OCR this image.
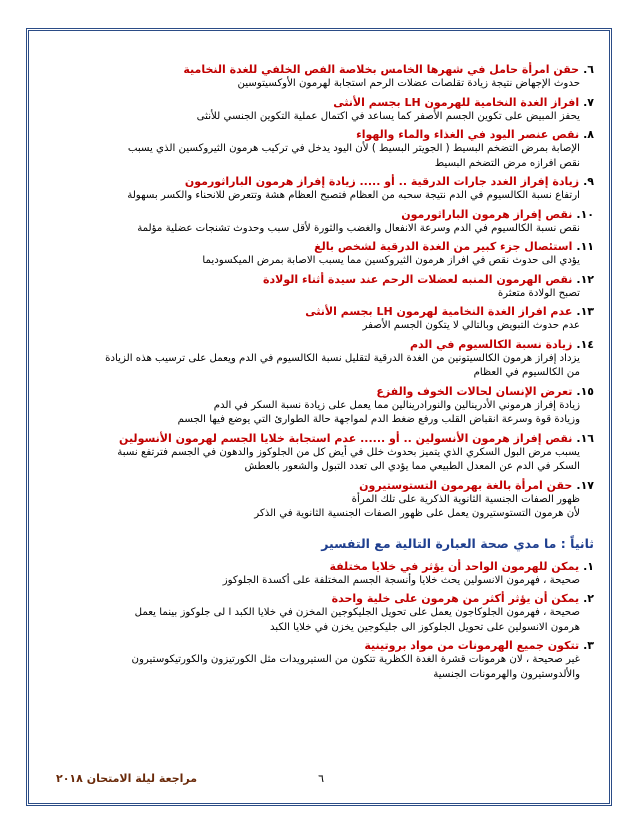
٦.حقن امرأة حامل في شهرها الخامس بخلاصة الفص الخلفي للغدة النخامية
حدوث الإجهاض نتيجة زيادة تقلصات عضلات الرحم استجابة لهرمون الأوكسيتوسين
٧.افراز الغدة النخامية للهرمون LH بجسم الأنثى
يحفز المبيض على تكوين الجسم الأصفر كما يساعد في اكتمال عملية التكوين الجنسي للأنثى
٨.نقص عنصر اليود في الغذاء والماء والهواء
الإصابة بمرض التضخم البسيط ( الجويتر البسيط ) لأن اليود يدخل في تركيب هرمون الثيروكسين الذي يسبب
نقص افرازه مرض التضخم البسيط
٩.زيادة إفراز الغدد جارات الدرقية .. أو ..... زيادة إفراز هرمون الباراثورمون
ارتفاع نسبة الكالسيوم في الدم نتيجة سحبه من العظام فتصبح العظام هشة وتتعرض للانحناء والكسر بسهولة
١٠.نقص إفراز هرمون الباراثورمون
نقص نسبة الكالسيوم في الدم وسرعة الانفعال والغضب والثورة لأقل سبب وحدوث تشنجات عضلية مؤلمة
١١.استئصال جزء كبير من الغدة الدرقية لشخص بالغ
يؤدي الى حدوث نقص في افراز هرمون الثيروكسين مما يسبب الاصابة بمرض الميكسوديما
١٢.نقص الهرمون المنبه لعضلات الرحم عند سيدة أثناء الولادة
تصبح الولادة متعثرة
١٣.عدم افراز الغدة النخامية لهرمون LH بجسم الأنثى
عدم حدوث التبويض وبالتالي لا يتكون الجسم الأصفر
١٤.زيادة نسبة الكالسيوم في الدم
يزداد إفراز هرمون الكالسيتونين من الغدة الدرقية لتقليل نسبة الكالسيوم في الدم ويعمل على ترسيب هذه الزيادة
من الكالسيوم في العظام
١٥.تعرض الإنسان لحالات الخوف والفزع
زيادة إفراز هرموني الأدرينالين والنورادرينالين مما يعمل على زيادة نسبة السكر في الدم
وزيادة قوة وسرعة انقباض القلب ورفع ضغط الدم لمواجهة حالة الطوارئ التي يوضع فيها الجسم
١٦.نقص إفراز هرمون الأنسولين .. أو ...... عدم استجابة خلايا الجسم لهرمون الأنسولين
يسبب مرض البول السكري الذي يتميز بحدوث خلل في أيض كل من الجلوكوز والدهون في الجسم فترتفع نسبة
السكر في الدم عن المعدل الطبيعي مما يؤدي الى تعدد التبول والشعور بالعطش
١٧.حقن امرأة بالغة بهرمون التستوستيرون
ظهور الصفات الجنسية الثانوية الذكرية على تلك المرأة
لأن هرمون التستوستيرون يعمل على ظهور الصفات الجنسية الثانوية في الذكر
ثانياً : ما مدي صحة العبارة التالية مع التفسير
١.يمكن للهرمون الواحد أن يؤثر في خلايا مختلفة
صحيحة ، فهرمون الانسولين يحث خلايا وأنسجة الجسم المختلفة على أكسدة الجلوكوز
٢.يمكن أن يؤثر أكثر من هرمون على خلية واحدة
صحيحة ، فهرمون الجلوكاجون يعمل على تحويل الجليكوجين المخزن في خلايا الكبد ا لى جلوكوز بينما يعمل
هرمون الانسولين على تحويل الجلوكوز الى جليكوجين يخزن في خلايا الكبد
٣.تتكون جميع الهرمونات من مواد بروتينية
غير صحيحة ، لان هرمونات قشرة الغدة الكظرية تتكون من الستيرويدات مثل الكورتيزون والكورتيكوستيرون
والألدوستيرون والهرمونات الجنسية
٦
مراجعة ليلة الامتحان ٢٠١٨
